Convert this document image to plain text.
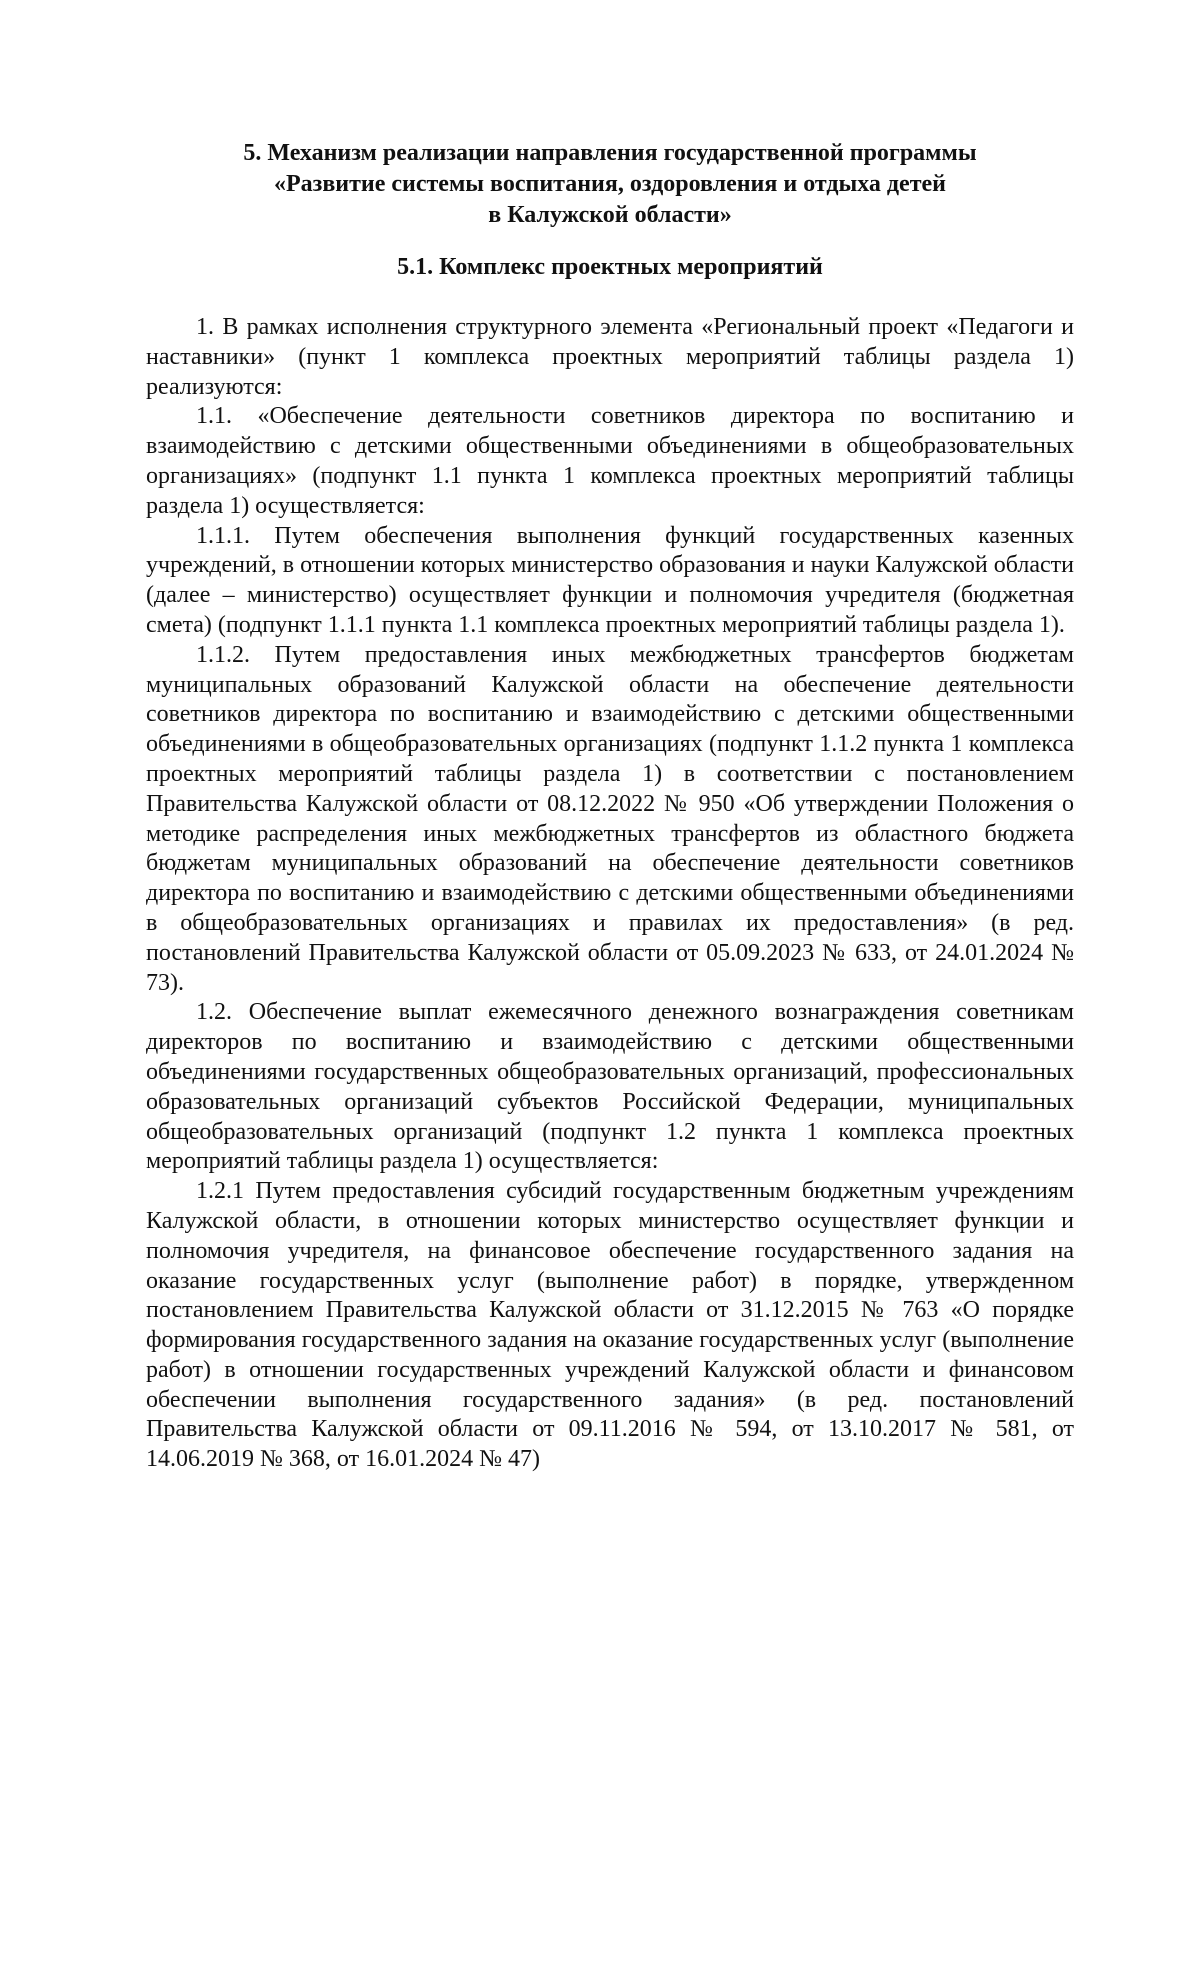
5. Механизм реализации направления государственной программы
«Развитие системы воспитания, оздоровления и отдыха детей
в Калужской области»
5.1. Комплекс проектных мероприятий

1. В рамках исполнения структурного элемента «Региональный проект «Педагоги и наставники» (пункт 1 комплекса проектных мероприятий таблицы раздела 1) реализуются:

1.1. «Обеспечение деятельности советников директора по воспитанию и взаимодействию с детскими общественными объединениями в общеобразовательных организациях» (подпункт 1.1 пункта 1 комплекса проектных мероприятий таблицы раздела 1) осуществляется:

1.1.1. Путем обеспечения выполнения функций государственных казенных учреждений, в отношении которых министерство образования и науки Калужской области (далее – министерство) осуществляет функции и полномочия учредителя (бюджетная смета) (подпункт 1.1.1 пункта 1.1 комплекса проектных мероприятий таблицы раздела 1).

1.1.2. Путем предоставления иных межбюджетных трансфертов бюджетам муниципальных образований Калужской области на обеспечение деятельности советников директора по воспитанию и взаимодействию с детскими общественными объединениями в общеобразовательных организациях (подпункт 1.1.2 пункта 1 комплекса проектных мероприятий таблицы раздела 1) в соответствии с постановлением Правительства Калужской области от 08.12.2022 № 950 «Об утверждении Положения о методике распределения иных межбюджетных трансфертов из областного бюджета бюджетам муниципальных образований на обеспечение деятельности советников директора по воспитанию и взаимодействию с детскими общественными объединениями в общеобразовательных организациях и правилах их предоставления» (в ред. постановлений Правительства Калужской области от 05.09.2023 № 633, от 24.01.2024 № 73).

1.2. Обеспечение выплат ежемесячного денежного вознаграждения советникам директоров по воспитанию и взаимодействию с детскими общественными объединениями государственных общеобразовательных организаций, профессиональных образовательных организаций субъектов Российской Федерации, муниципальных общеобразовательных организаций (подпункт 1.2 пункта 1 комплекса проектных мероприятий таблицы раздела 1) осуществляется:

1.2.1 Путем предоставления субсидий государственным бюджетным учреждениям Калужской области, в отношении которых министерство осуществляет функции и полномочия учредителя, на финансовое обеспечение государственного задания на оказание государственных услуг (выполнение работ) в порядке, утвержденном постановлением Правительства Калужской области от 31.12.2015 № 763 «О порядке формирования государственного задания на оказание государственных услуг (выполнение работ) в отношении государственных учреждений Калужской области и финансовом обеспечении выполнения государственного задания» (в ред. постановлений Правительства Калужской области от 09.11.2016 № 594, от 13.10.2017 № 581, от 14.06.2019 № 368, от 16.01.2024 № 47)
